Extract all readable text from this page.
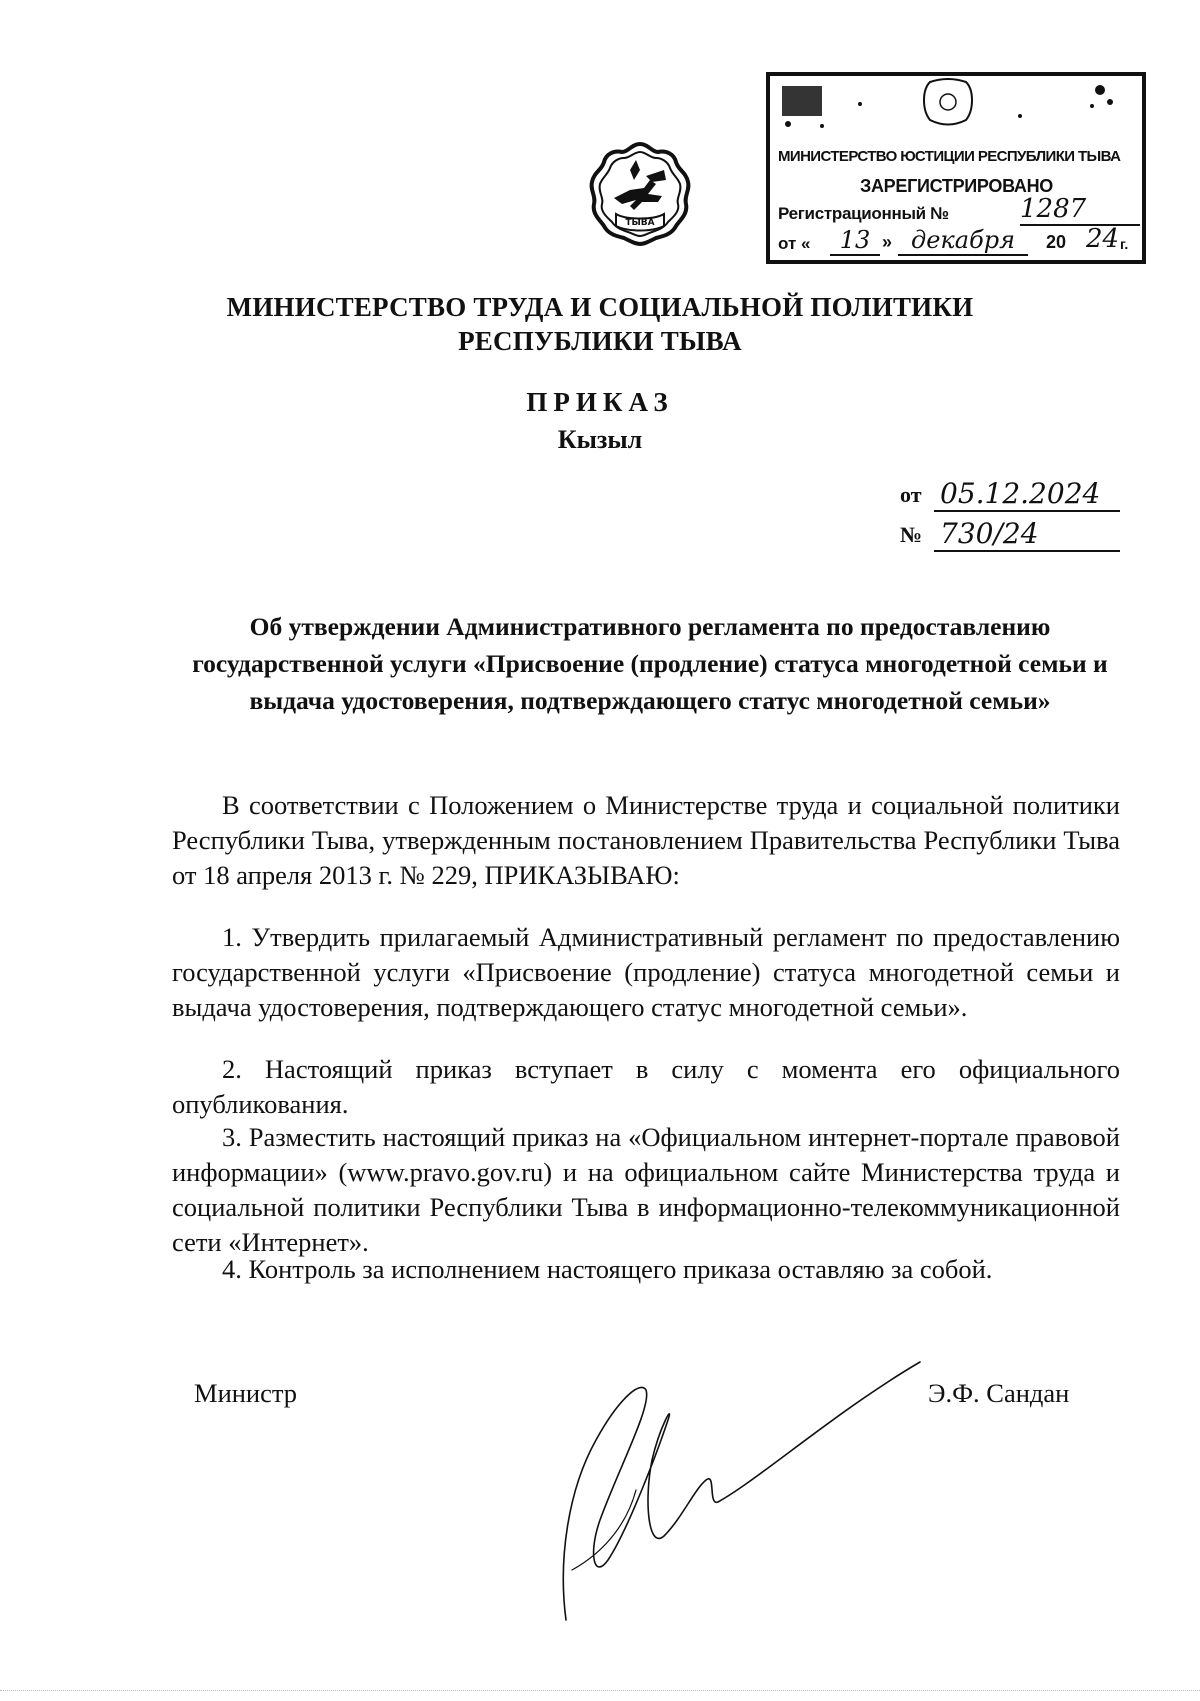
ТЫВА
МИНИСТЕРСТВО ЮСТИЦИИ РЕСПУБЛИКИ ТЫВА
ЗАРЕГИСТРИРОВАНО
Регистрационный №	1287
от «	13 » декабря	20 24 г.
МИНИСТЕРСТВО ТРУДА И СОЦИАЛЬНОЙ ПОЛИТИКИ
РЕСПУБЛИКИ ТЫВА
ПРИКАЗ
Кызыл
от 05.12.2024
№ 730/24
Об утверждении Административного регламента по предоставлению государственной услуги «Присвоение (продление) статуса многодетной семьи и выдача удостоверения, подтверждающего статус многодетной семьи»
В соответствии с Положением о Министерстве труда и социальной политики Республики Тыва, утвержденным постановлением Правительства Республики Тыва от 18 апреля 2013 г. № 229, ПРИКАЗЫВАЮ:
1. Утвердить прилагаемый Административный регламент по предоставлению государственной услуги «Присвоение (продление) статуса многодетной семьи и выдача удостоверения, подтверждающего статус многодетной семьи».
2. Настоящий приказ вступает в силу с момента его официального опубликования.
3. Разместить настоящий приказ на «Официальном интернет-портале правовой информации» (www.pravo.gov.ru) и на официальном сайте Министерства труда и социальной политики Республики Тыва в информационно-телекоммуникационной сети «Интернет».
4. Контроль за исполнением настоящего приказа оставляю за собой.
Министр	Э.Ф. Сандан
